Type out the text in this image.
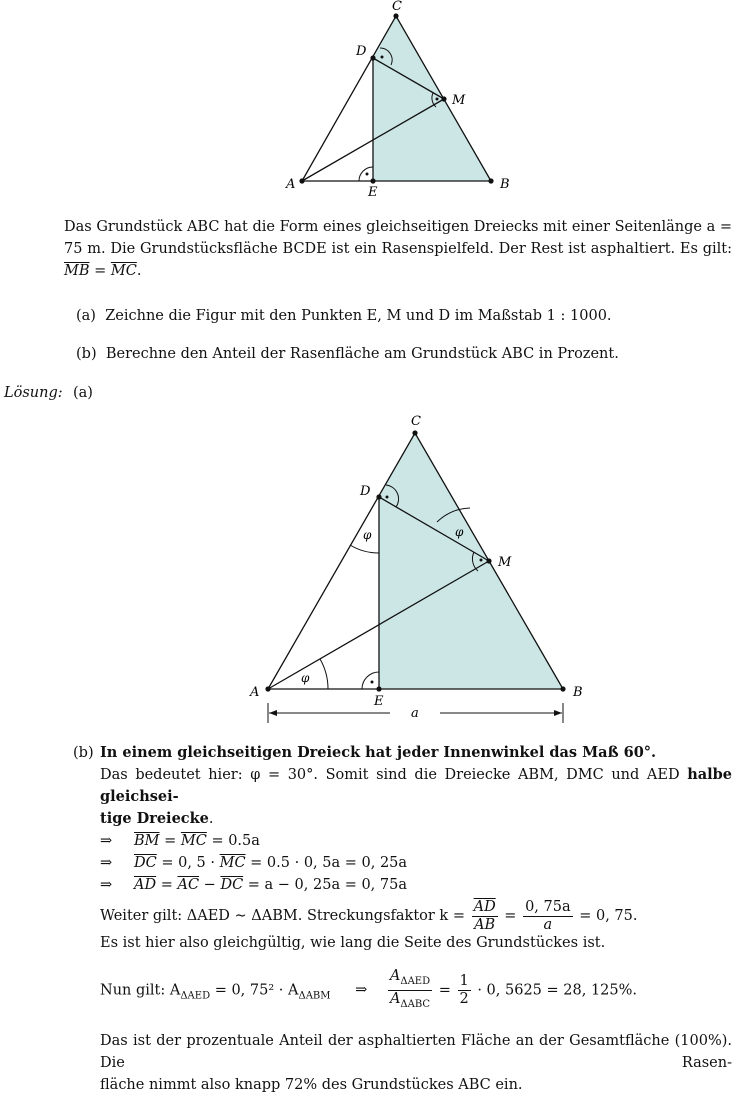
C
D
M
A
E
B
Das Grundstück ABC hat die Form eines gleichseitigen Dreiecks mit einer Seitenlänge a =
75 m. Die Grundstücksfläche BCDE ist ein Rasenspielfeld. Der Rest ist asphaltiert. Es gilt:
$\overline{MB} = \overline{MC}$.
(a) Zeichne die Figur mit den Punkten E, M und D im Maßstab 1 : 1000.
(b) Berechne den Anteil der Rasenfläche am Grundstück ABC in Prozent.
Lösung: (a)
C
D
M
A
E
B
φ
φ	φ
a
(b) In einem gleichseitigen Dreieck hat jeder Innenwinkel das Maß 60°.
Das bedeutet hier: φ = 30°. Somit sind die Dreiecke ABM, DMC und AED halbe gleichsei-
tige Dreiecke.
⇒ $\overline{BM} = \overline{MC} = 0.5a$
⇒ $\overline{DC} = 0$, $5 \cdot \overline{MC} = 0.5 \cdot 0$, 5a = 0, 25a
⇒ $\overline{AD} = \overline{AC} - \overline{DC} = a - 0$, 25a = 0, 75a
Weiter gilt: ΔAED ∼ ΔABM. Streckungsfaktor $k = \frac{\overline{AD}}{AB} = \frac{0, 75a}{a} = 0$, 75.
Es ist hier also gleichgültig, wie lang die Seite des Grundstückes ist.
Nun gilt: $A_{\Delta AED} = 0$, $75^2 \cdot A_{\Delta ABM}$ ⇒ $\frac{A_{\Delta AED}}{A_{\Delta ABC}} = \frac{1}{2} \cdot 0$, 5625 = 28, 125%.
Das ist der prozentuale Anteil der asphaltierten Fläche an der Gesamtfläche (100%). Die Rasen-
fläche nimmt also knapp 72% des Grundstückes ABC ein.
